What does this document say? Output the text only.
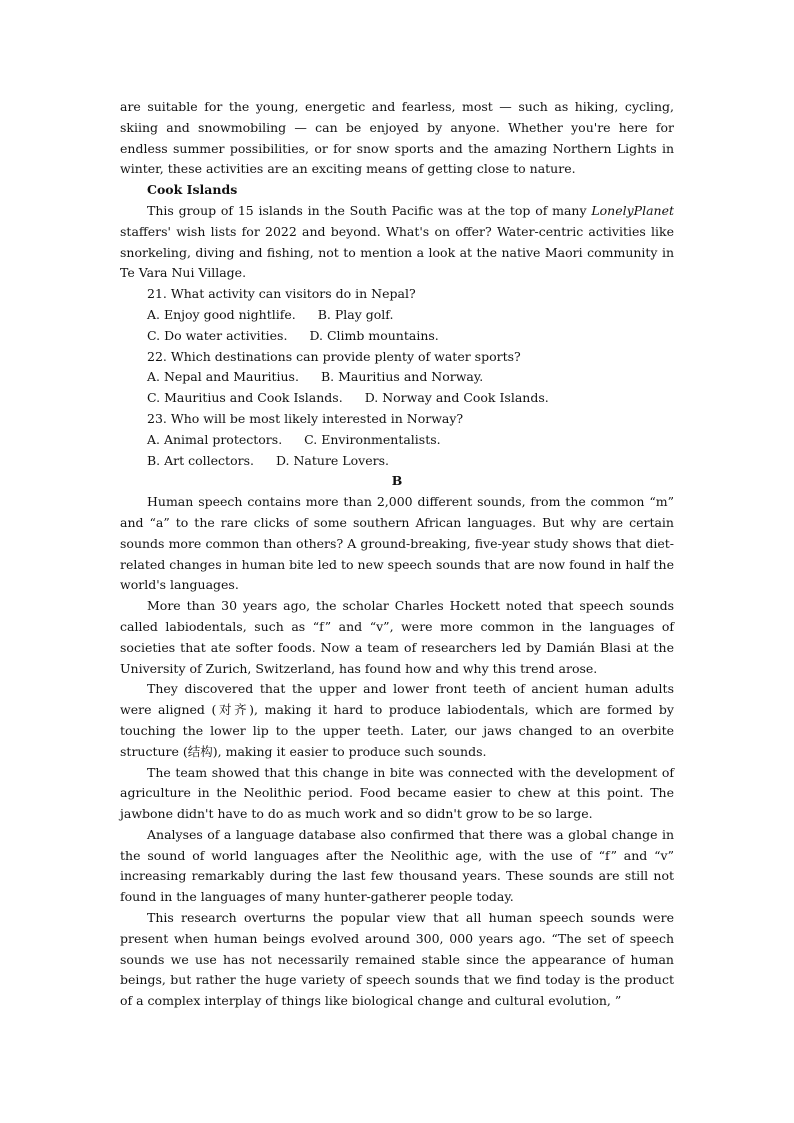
are suitable for the young, energetic and fearless, most — such as hiking, cycling, skiing and snowmobiling — can be enjoyed by anyone. Whether you're here for endless summer possibilities, or for snow sports and the amazing Northern Lights in winter, these activities are an exciting means of getting close to nature.

Cook Islands

This group of 15 islands in the South Pacific was at the top of many LonelyPlanet staffers' wish lists for 2022 and beyond. What's on offer? Water-centric activities like snorkeling, diving and fishing, not to mention a look at the native Maori community in Te Vara Nui Village.

21. What activity can visitors do in Nepal?

A. Enjoy good nightlife. B. Play golf.

C. Do water activities. D. Climb mountains.

22. Which destinations can provide plenty of water sports?

A. Nepal and Mauritius. B. Mauritius and Norway.

C. Mauritius and Cook Islands. D. Norway and Cook Islands.

23. Who will be most likely interested in Norway?

A. Animal protectors. C. Environmentalists.

B. Art collectors. D. Nature Lovers.

B

Human speech contains more than 2,000 different sounds, from the common “m” and “a” to the rare clicks of some southern African languages. But why are certain sounds more common than others? A ground-breaking, five-year study shows that diet-related changes in human bite led to new speech sounds that are now found in half the world's languages.

More than 30 years ago, the scholar Charles Hockett noted that speech sounds called labiodentals, such as “f” and “v”, were more common in the languages of societies that ate softer foods. Now a team of researchers led by Damián Blasi at the University of Zurich, Switzerland, has found how and why this trend arose.

They discovered that the upper and lower front teeth of ancient human adults were aligned (对齐), making it hard to produce labiodentals, which are formed by touching the lower lip to the upper teeth. Later, our jaws changed to an overbite structure (结构), making it easier to produce such sounds.

The team showed that this change in bite was connected with the development of agriculture in the Neolithic period. Food became easier to chew at this point. The jawbone didn't have to do as much work and so didn't grow to be so large.

Analyses of a language database also confirmed that there was a global change in the sound of world languages after the Neolithic age, with the use of “f” and “v” increasing remarkably during the last few thousand years. These sounds are still not found in the languages of many hunter-gatherer people today.

This research overturns the popular view that all human speech sounds were present when human beings evolved around 300, 000 years ago. “The set of speech sounds we use has not necessarily remained stable since the appearance of human beings, but rather the huge variety of speech sounds that we find today is the product of a complex interplay of things like biological change and cultural evolution, ”
